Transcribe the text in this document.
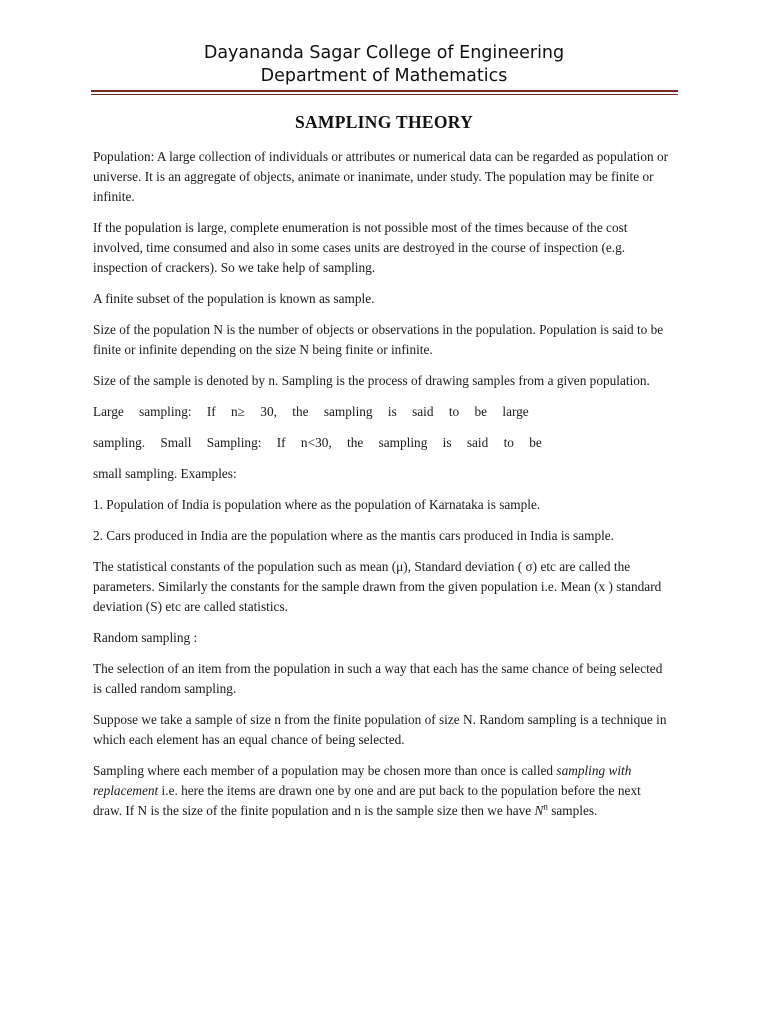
Dayananda Sagar College of Engineering
Department of Mathematics
SAMPLING THEORY

Population: A large collection of individuals or attributes or numerical data can be regarded as population or universe. It is an aggregate of objects, animate or inanimate, under study. The population may be finite or infinite.

If the population is large, complete enumeration is not possible most of the times because of the cost involved, time consumed and also in some cases units are destroyed in the course of inspection (e.g. inspection of crackers). So we take help of sampling.

A finite subset of the population is known as sample.

Size of the population N is the number of objects or observations in the population. Population is said to be finite or infinite depending on the size N being finite or infinite.

Size of the sample is denoted by n. Sampling is the process of drawing samples from a given population.

Large sampling: If n≥ 30, the sampling is said to be large

sampling. Small Sampling: If n<30, the sampling is said to be

small sampling. Examples:

1. Population of India is population where as the population of Karnataka is sample.

2. Cars produced in India are the population where as the mantis cars produced in India is sample.

The statistical constants of the population such as mean (μ), Standard deviation ( σ) etc are called the parameters. Similarly the constants for the sample drawn from the given population i.e. Mean (x ) standard deviation (S) etc are called statistics.

Random sampling :

The selection of an item from the population in such a way that each has the same chance of being selected is called random sampling.

Suppose we take a sample of size n from the finite population of size N. Random sampling is a technique in which each element has an equal chance of being selected.

Sampling where each member of a population may be chosen more than once is called sampling with replacement i.e. here the items are drawn one by one and are put back to the population before the next draw. If N is the size of the finite population and n is the sample size then we have $N^n$ samples.
